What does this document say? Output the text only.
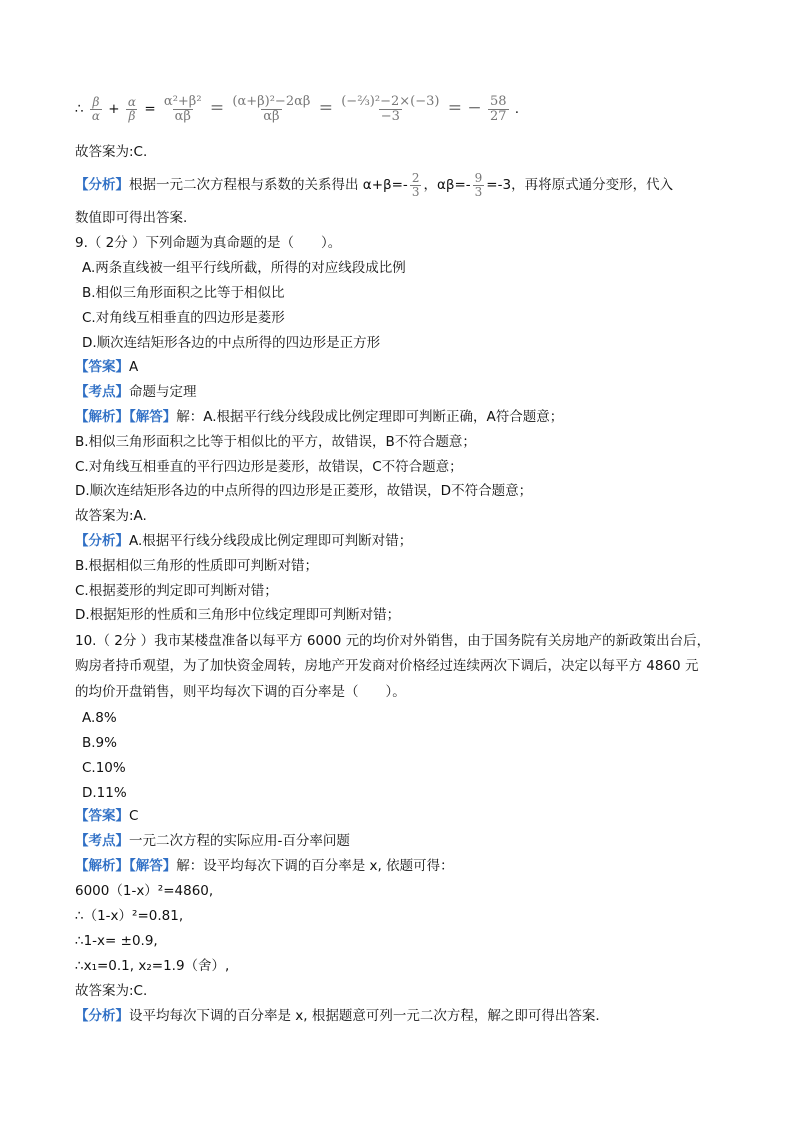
∴ $\frac{\beta}{\alpha} + \frac{\alpha}{\beta} = \frac{\text{α²+β²}}{\alpha\beta} = \frac{\text{(α+β)²−2αβ}}{\alpha\beta} = \frac{\text{(−⅔)²−2×(−3)}}{-3}$ = − $\frac{58}{27}$ .
故答案为:C.
【分析】根据一元二次方程根与系数的关系得出 $\alpha+\beta=- \frac{2}{3}$ ，$\alpha\beta=- \frac{9}{3} =-3$，再将原式通分变形，代入
数值即可得出答案.
9.（ 2分 ）下列命题为真命题的是（　　）。
A.两条直线被一组平行线所截，所得的对应线段成比例
B.相似三角形面积之比等于相似比
C.对角线互相垂直的四边形是菱形
D.顺次连结矩形各边的中点所得的四边形是正方形
【答案】A
【考点】命题与定理
【解析】【解答】解：A.根据平行线分线段成比例定理即可判断正确，A符合题意；
B.相似三角形面积之比等于相似比的平方，故错误，B不符合题意；
C.对角线互相垂直的平行四边形是菱形，故错误，C不符合题意；
D.顺次连结矩形各边的中点所得的四边形是正菱形，故错误，D不符合题意；
故答案为:A.
【分析】A.根据平行线分线段成比例定理即可判断对错；
B.根据相似三角形的性质即可判断对错；
C.根据菱形的判定即可判断对错；
D.根据矩形的性质和三角形中位线定理即可判断对错；
10.（ 2分 ）我市某楼盘准备以每平方 6000 元的均价对外销售，由于国务院有关房地产的新政策出台后，
购房者持币观望，为了加快资金周转，房地产开发商对价格经过连续两次下调后，决定以每平方 4860 元
的均价开盘销售，则平均每次下调的百分率是（　　）。
A.8%
B.9%
C.10%
D.11%
【答案】C
【考点】一元二次方程的实际应用-百分率问题
【解析】【解答】解：设平均每次下调的百分率是 x, 依题可得：
6000（1-x）²=4860,
∴（1-x）²=0.81,
∴1-x= ±0.9,
∴x₁=0.1, x₂=1.9（舍）,
故答案为:C.
【分析】设平均每次下调的百分率是 x, 根据题意可列一元二次方程，解之即可得出答案.
